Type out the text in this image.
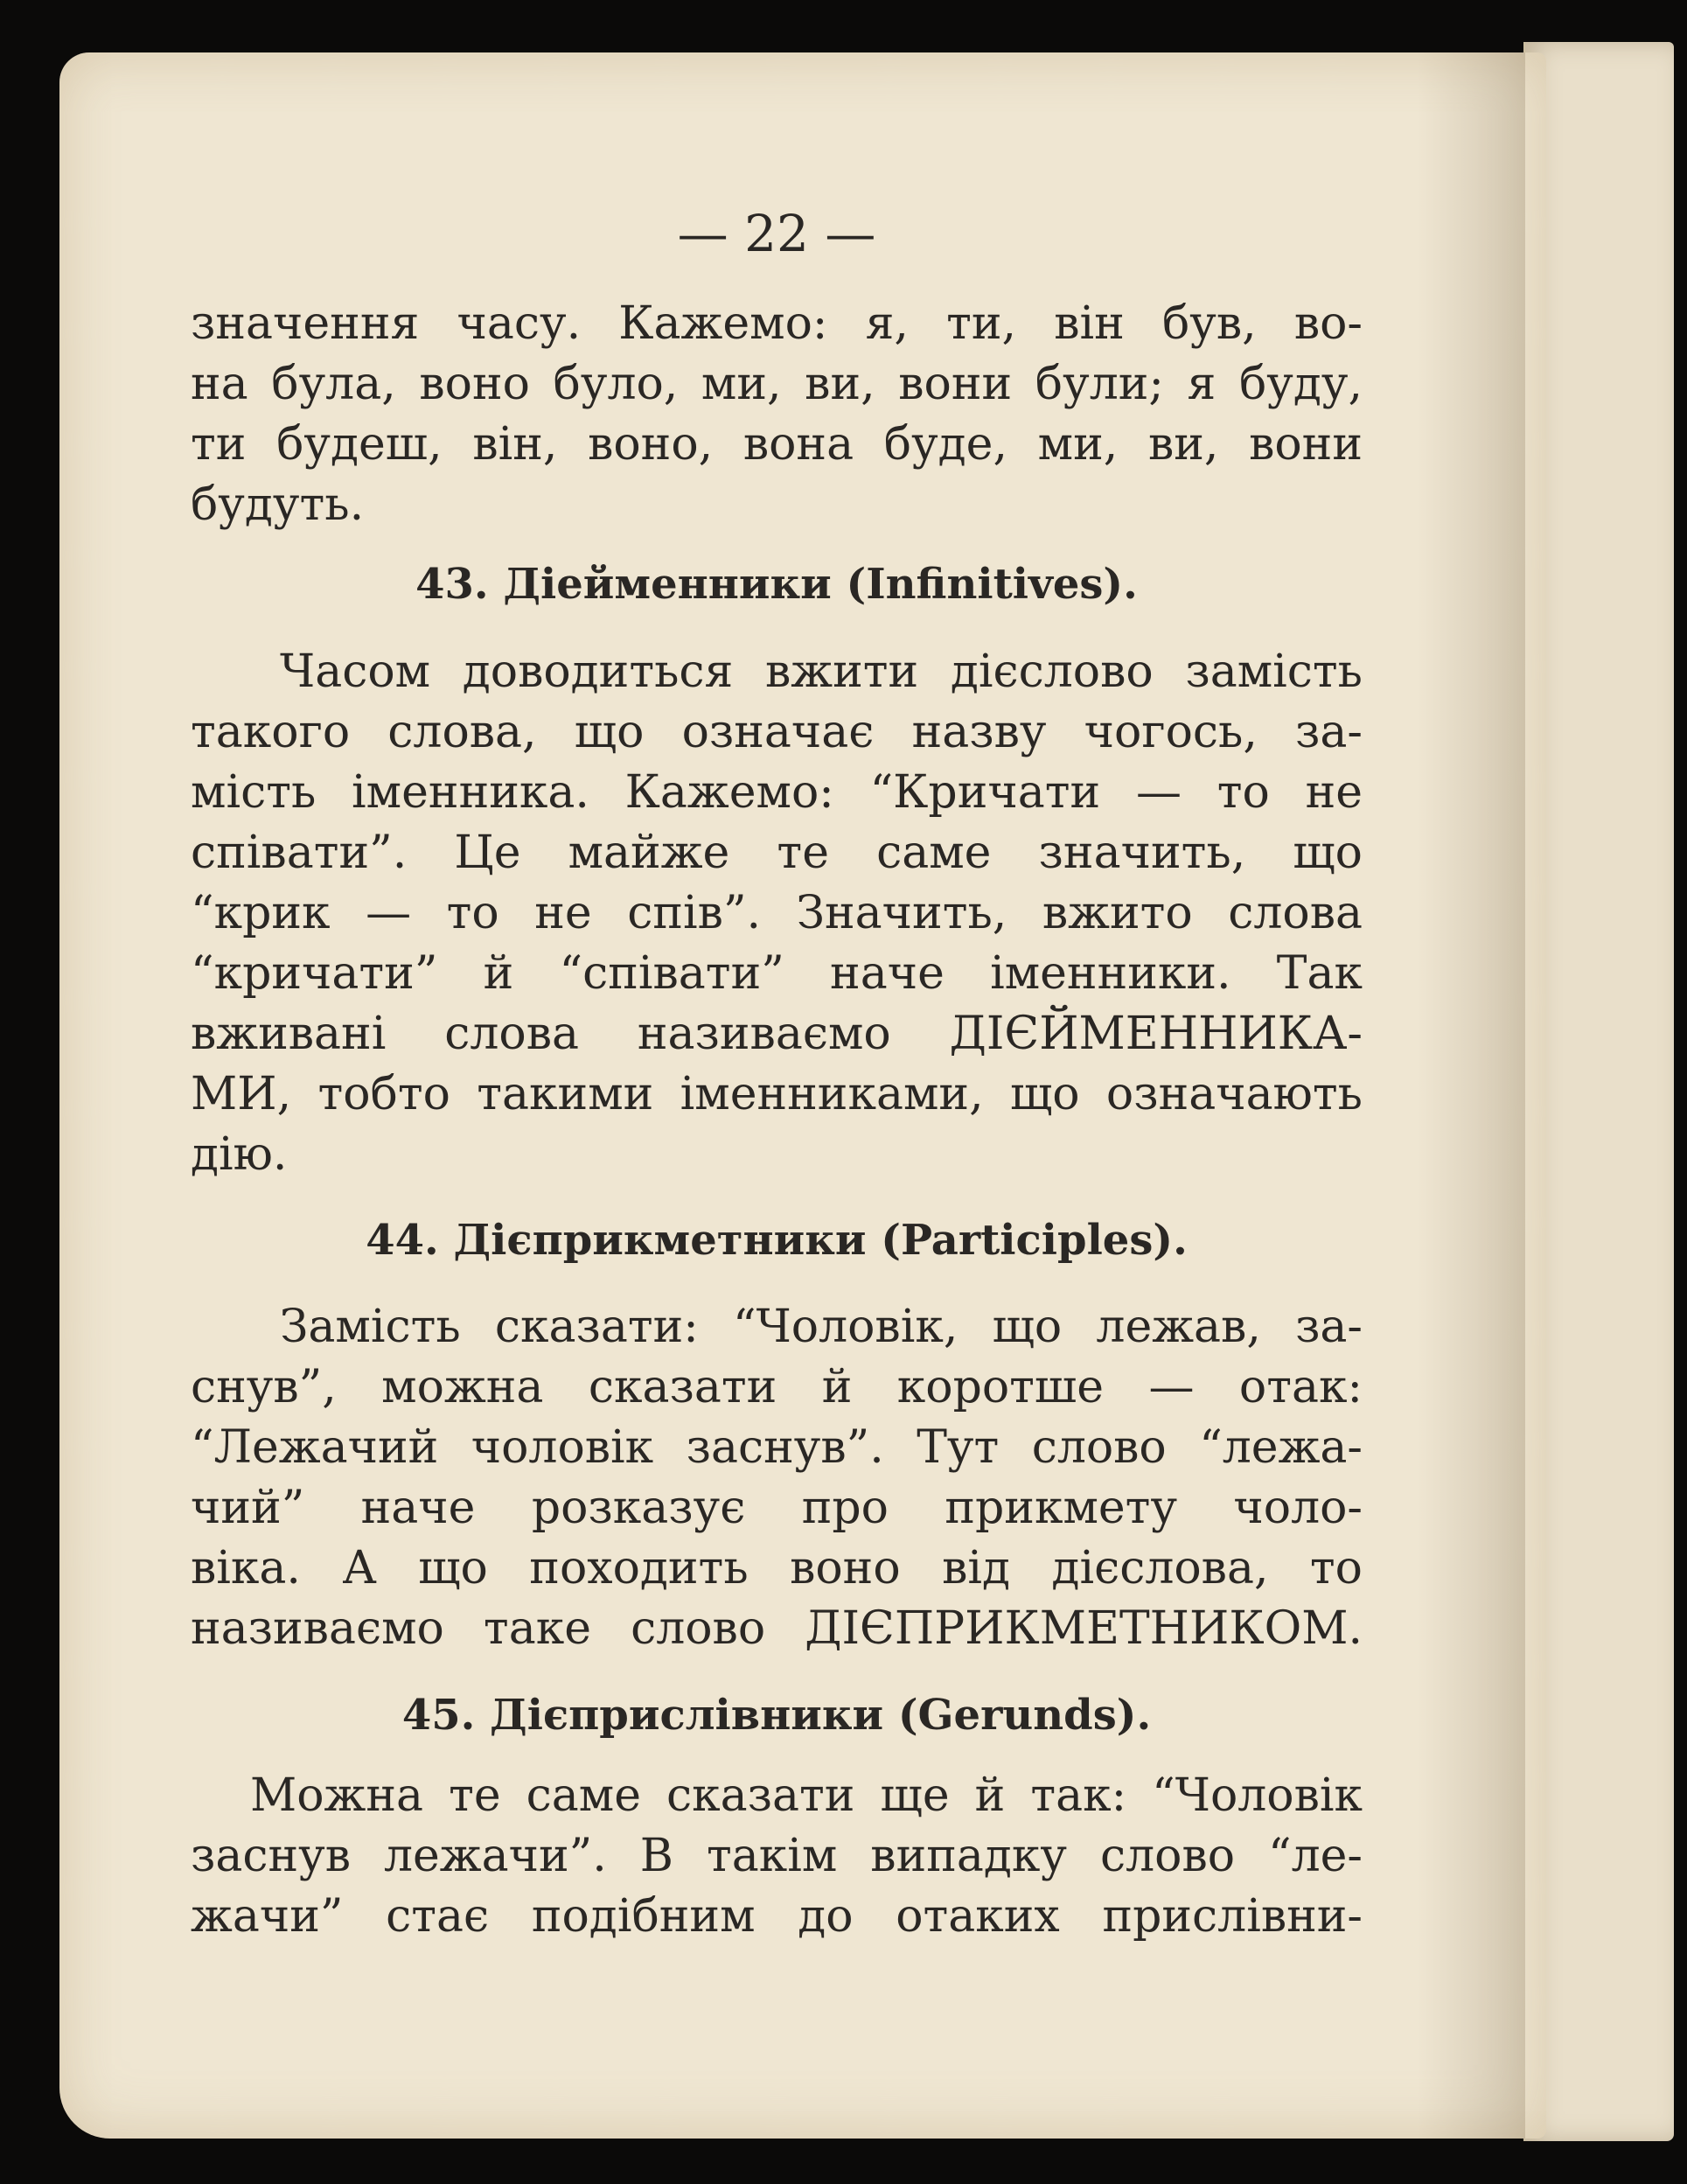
— 22 —
значення часу. Кажемо: я, ти, він був, во-
на була, воно було, ми, ви, вони були; я буду,
ти будеш, він, воно, вона буде, ми, ви, вони
будуть.
43. Діейменники (Infinitives).
Часом доводиться вжити дієслово замість
такого слова, що означає назву чогось, за-
мість іменника. Кажемо: “Кричати — то не
співати”. Це майже те саме значить, що
“крик — то не спів”. Значить, вжито слова
“кричати” й “співати” наче іменники. Так
вживані слова називаємо ДІЄЙМЕННИКА-
МИ, тобто такими іменниками, що означають
дію.
44. Дієприкметники (Participles).
Замість сказати: “Чоловік, що лежав, за-
снув”, можна сказати й коротше — отак:
“Лежачий чоловік заснув”. Тут слово “лежа-
чий” наче розказує про прикмету чоло-
віка. А що походить воно від дієслова, то
називаємо таке слово ДІЄПРИКМЕТНИКОМ.
45. Дієприслівники (Gerunds).
Можна те саме сказати ще й так: “Чоловік
заснув лежачи”. В такім випадку слово “ле-
жачи” стає подібним до отаких прислівни-
